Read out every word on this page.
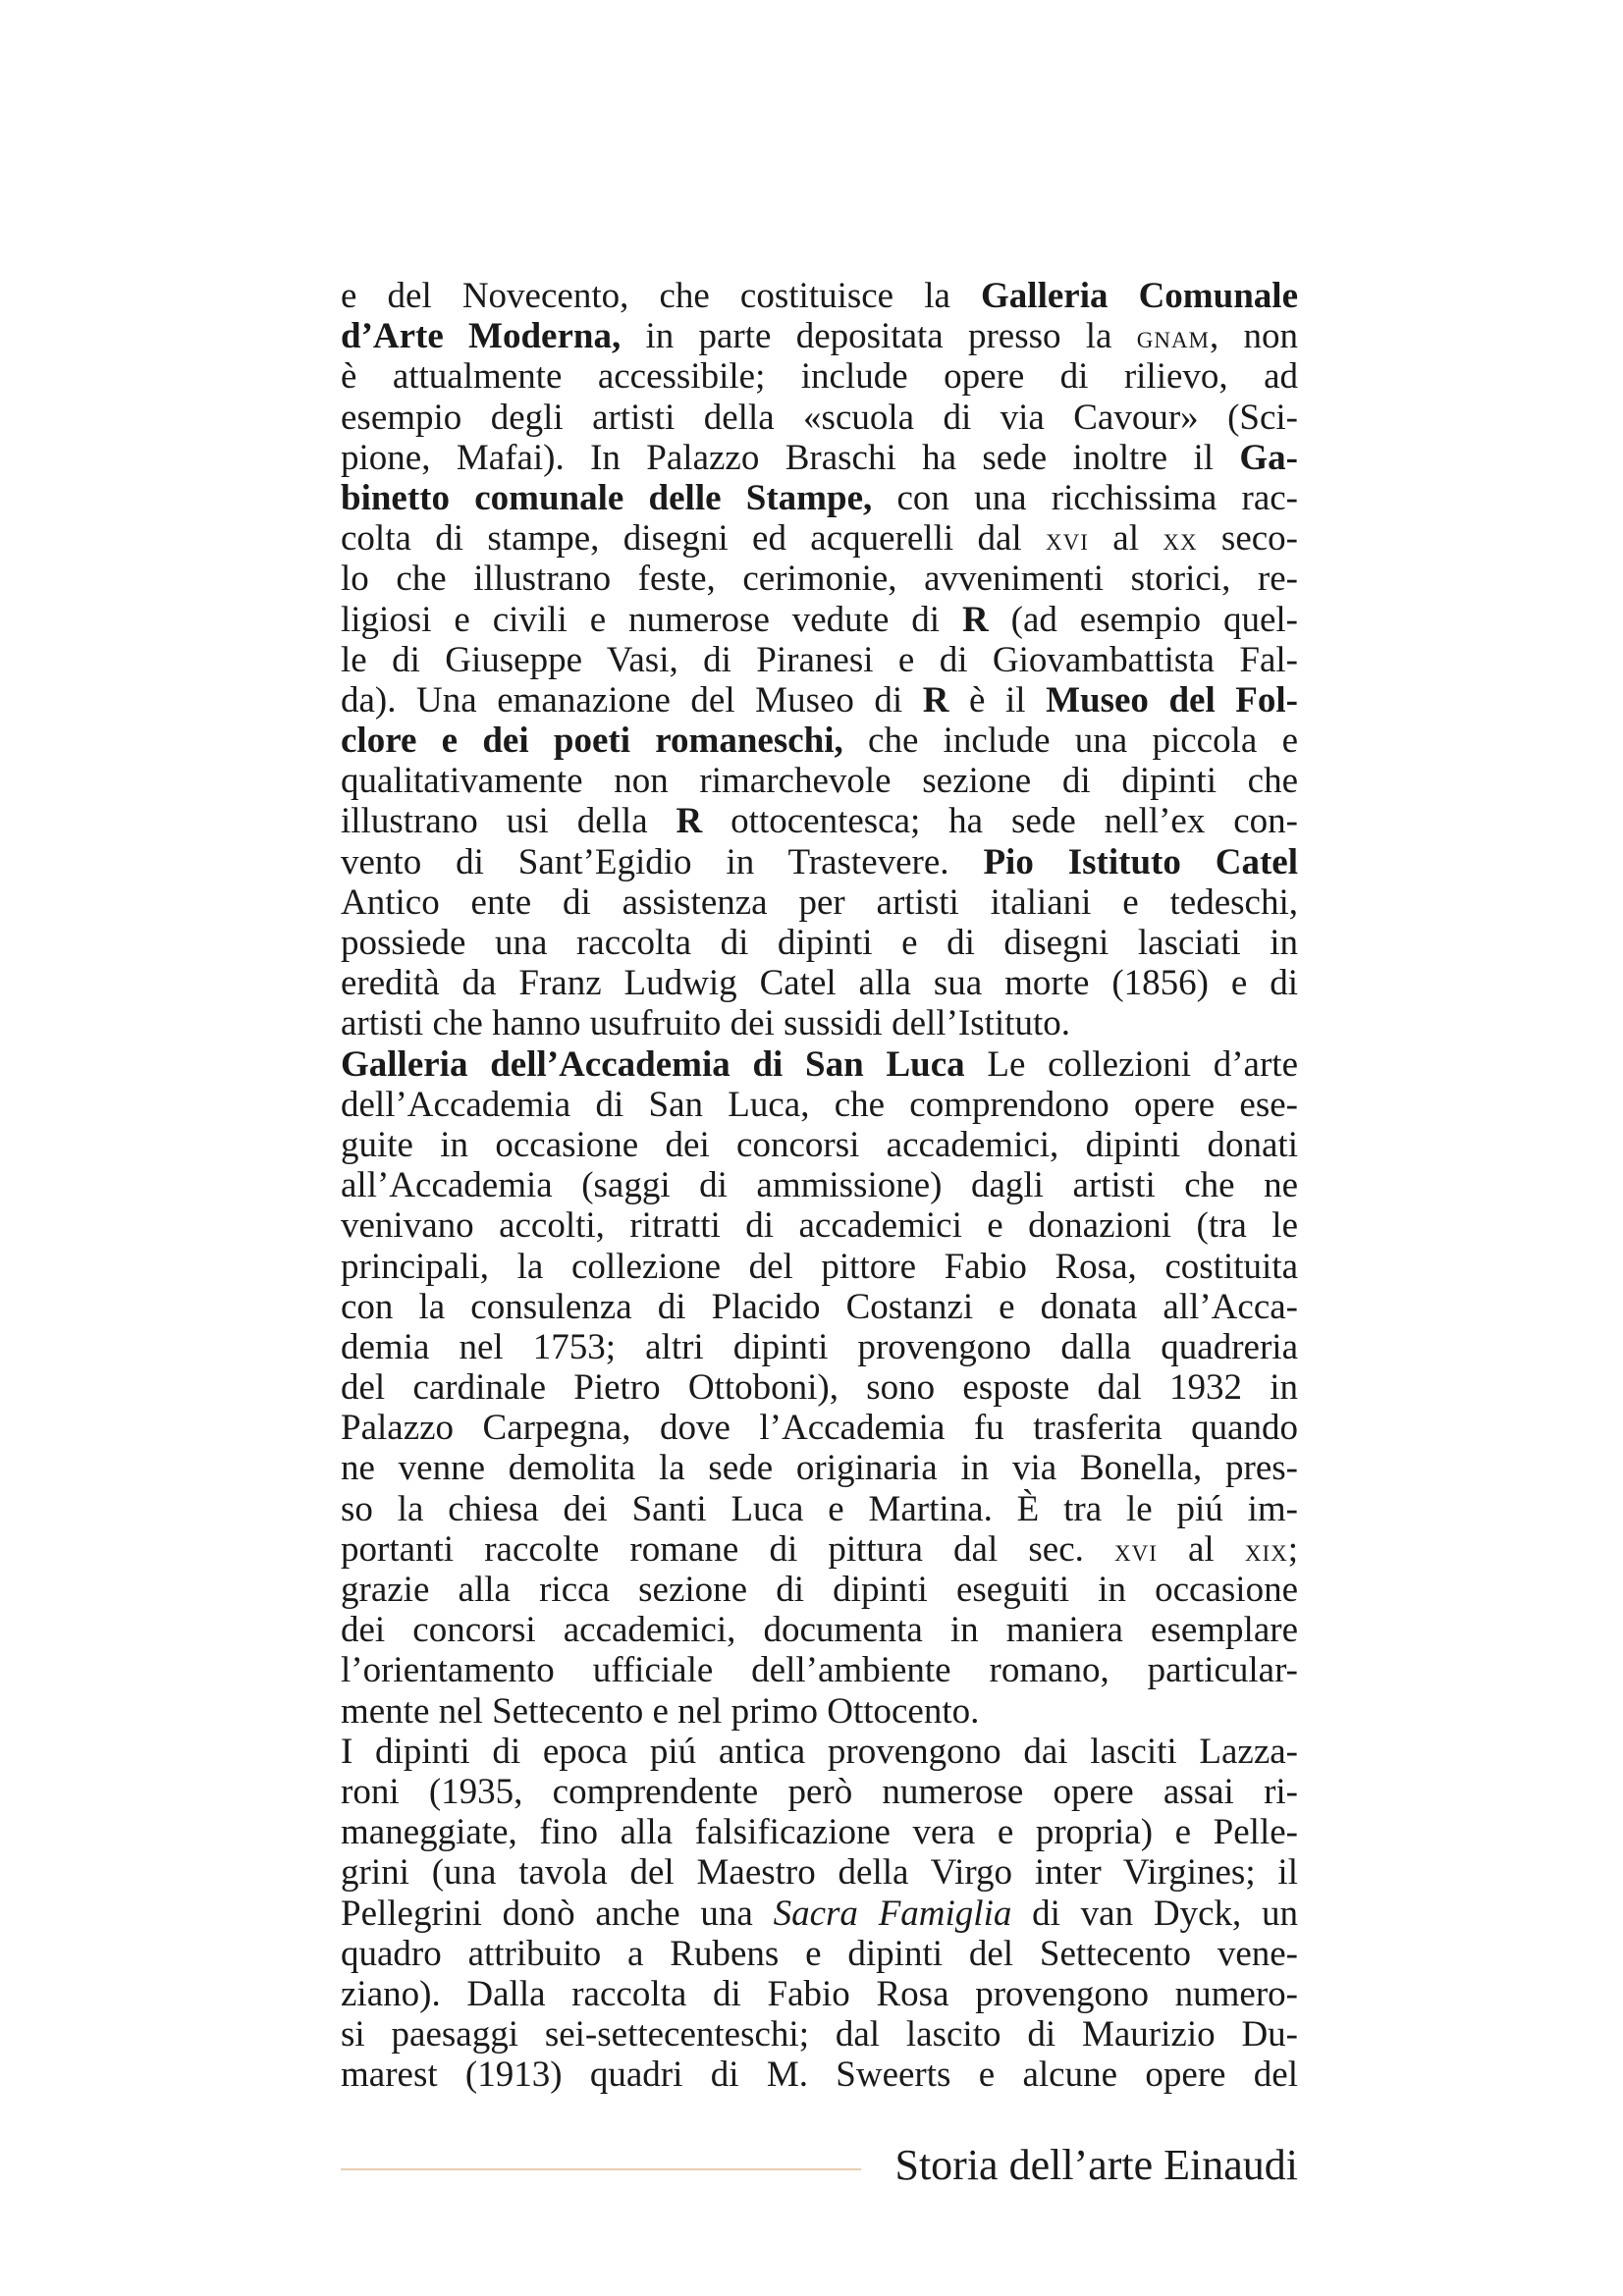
e del Novecento, che costituisce la Galleria Comunale
d’Arte Moderna, in parte depositata presso la gnam, non
è attualmente accessibile; include opere di rilievo, ad
esempio degli artisti della «scuola di via Cavour» (Sci-
pione, Mafai). In Palazzo Braschi ha sede inoltre il Ga-
binetto comunale delle Stampe, con una ricchissima rac-
colta di stampe, disegni ed acquerelli dal xvi al xx seco-
lo che illustrano feste, cerimonie, avvenimenti storici, re-
ligiosi e civili e numerose vedute di R (ad esempio quel-
le di Giuseppe Vasi, di Piranesi e di Giovambattista Fal-
da). Una emanazione del Museo di R è il Museo del Fol-
clore e dei poeti romaneschi, che include una piccola e
qualitativamente non rimarchevole sezione di dipinti che
illustrano usi della R ottocentesca; ha sede nell’ex con-
vento di Sant’Egidio in Trastevere. Pio Istituto Catel
Antico ente di assistenza per artisti italiani e tedeschi,
possiede una raccolta di dipinti e di disegni lasciati in
eredità da Franz Ludwig Catel alla sua morte (1856) e di
artisti che hanno usufruito dei sussidi dell’Istituto.
Galleria dell’Accademia di San Luca Le collezioni d’arte
dell’Accademia di San Luca, che comprendono opere ese-
guite in occasione dei concorsi accademici, dipinti donati
all’Accademia (saggi di ammissione) dagli artisti che ne
venivano accolti, ritratti di accademici e donazioni (tra le
principali, la collezione del pittore Fabio Rosa, costituita
con la consulenza di Placido Costanzi e donata all’Acca-
demia nel 1753; altri dipinti provengono dalla quadreria
del cardinale Pietro Ottoboni), sono esposte dal 1932 in
Palazzo Carpegna, dove l’Accademia fu trasferita quando
ne venne demolita la sede originaria in via Bonella, pres-
so la chiesa dei Santi Luca e Martina. È tra le piú im-
portanti raccolte romane di pittura dal sec. xvi al xix;
grazie alla ricca sezione di dipinti eseguiti in occasione
dei concorsi accademici, documenta in maniera esemplare
l’orientamento ufficiale dell’ambiente romano, particular-
mente nel Settecento e nel primo Ottocento.
I dipinti di epoca piú antica provengono dai lasciti Lazza-
roni (1935, comprendente però numerose opere assai ri-
maneggiate, fino alla falsificazione vera e propria) e Pelle-
grini (una tavola del Maestro della Virgo inter Virgines; il
Pellegrini donò anche una Sacra Famiglia di van Dyck, un
quadro attribuito a Rubens e dipinti del Settecento vene-
ziano). Dalla raccolta di Fabio Rosa provengono numero-
si paesaggi sei-settecenteschi; dal lascito di Maurizio Du-
marest (1913) quadri di M. Sweerts e alcune opere del
Storia dell’arte Einaudi
